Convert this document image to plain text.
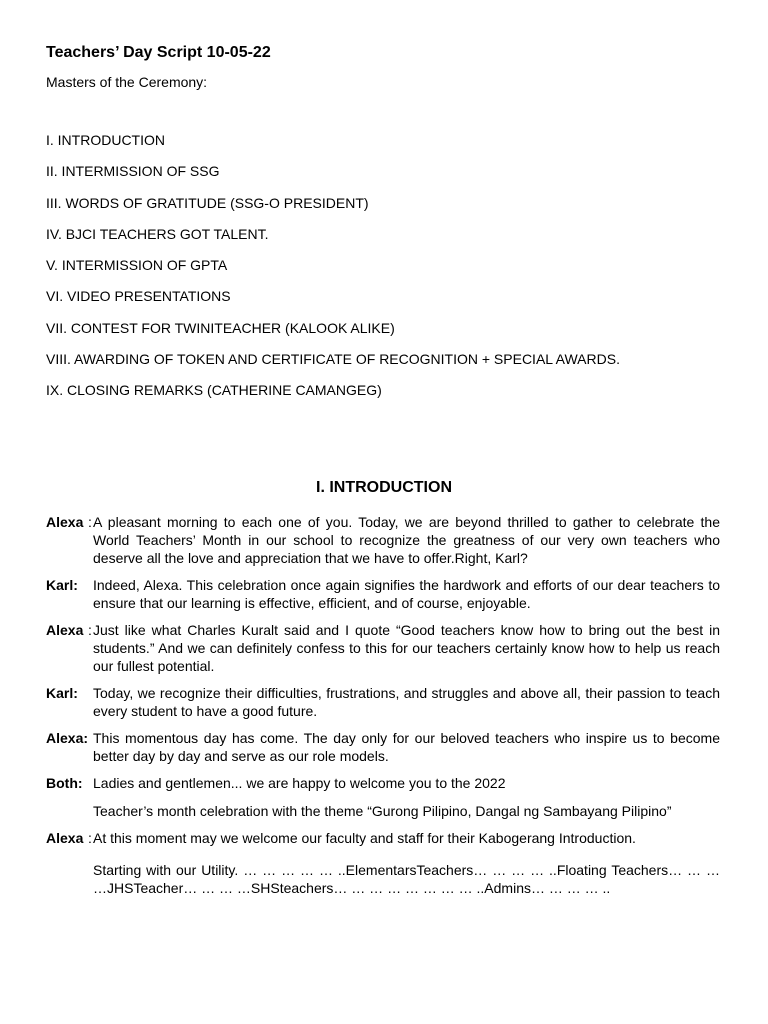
Teachers’ Day Script 10-05-22

Masters of the Ceremony:

I. INTRODUCTION
II. INTERMISSION OF SSG
III. WORDS OF GRATITUDE (SSG-O PRESIDENT)
IV. BJCI TEACHERS GOT TALENT.
V. INTERMISSION OF GPTA
VI. VIDEO PRESENTATIONS
VII. CONTEST FOR TWINITEACHER (KALOOK ALIKE)
VIII. AWARDING OF TOKEN AND CERTIFICATE OF RECOGNITION + SPECIAL AWARDS.
IX. CLOSING REMARKS (CATHERINE CAMANGEG)
I. INTRODUCTION

Alexa : A pleasant morning to each one of you. Today, we are beyond thrilled to gather to celebrate the World Teachers’ Month in our school to recognize the greatness of our very own teachers who deserve all the love and appreciation that we have to offer.Right, Karl?

Karl: Indeed, Alexa. This celebration once again signifies the hardwork and efforts of our dear teachers to ensure that our learning is effective, efficient, and of course, enjoyable.

Alexa : Just like what Charles Kuralt said and I quote “Good teachers know how to bring out the best in students.” And we can definitely confess to this for our teachers certainly know how to help us reach our fullest potential.

Karl: Today, we recognize their difficulties, frustrations, and struggles and above all, their passion to teach every student to have a good future.

Alexa: This momentous day has come. The day only for our beloved teachers who inspire us to become better day by day and serve as our role models.

Both: Ladies and gentlemen... we are happy to welcome you to the 2022

Teacher’s month celebration with the theme “Gurong Pilipino, Dangal ng Sambayang Pilipino”

Alexa : At this moment may we welcome our faculty and staff for their Kabogerang Introduction.

Starting with our Utility. … … … … … ..ElementarsTeachers… … … … ..Floating Teachers… … … …JHSTeacher… … … …SHSteachers… … … … … … … … ..Admins… … … … ..
